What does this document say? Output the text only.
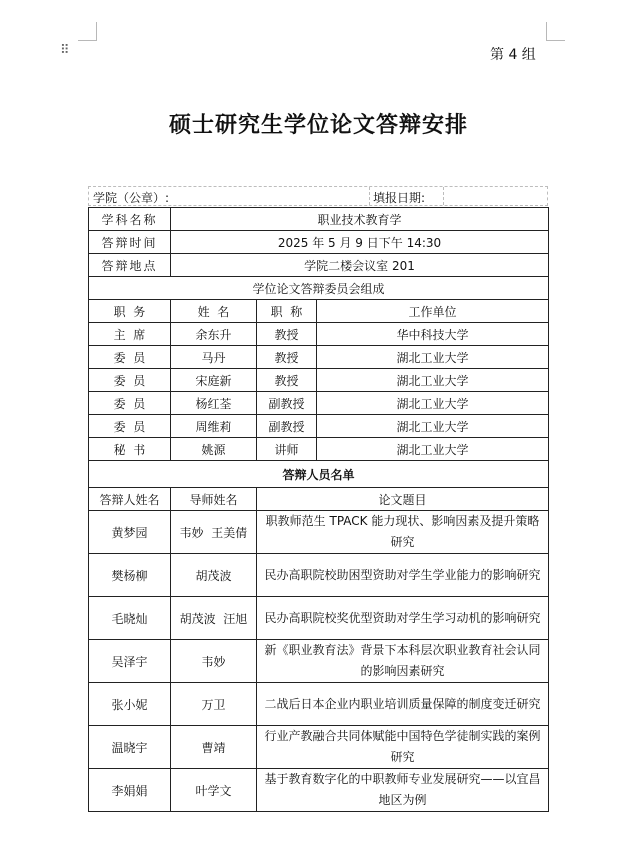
⠿	第 4 组
硕士研究生学位论文答辩安排
学院（公章）:	填报日期:
学科名称	职业技术教育学		
答辩时间	2025 年 5 月 9 日下午 14:30		
答辩地点	学院二楼会议室 201		
学位论文答辩委员会组成			
职  务	姓  名	职  称	工作单位
主  席	余东升	教授	华中科技大学
委  员	马丹	教授	湖北工业大学
委  员	宋庭新	教授	湖北工业大学
委  员	杨红荃	副教授	湖北工业大学
委  员	周维莉	副教授	湖北工业大学
秘  书	姚源	讲师	湖北工业大学
答辩人员名单			
答辩人姓名	导师姓名	论文题目	
黄梦园	韦妙  王美倩	职教师范生 TPACK 能力现状、影响因素及提升策略研究	
樊杨柳	胡茂波	民办高职院校助困型资助对学生学业能力的影响研究	
毛晓灿	胡茂波  汪旭	民办高职院校奖优型资助对学生学习动机的影响研究	
吴泽宇	韦妙	新《职业教育法》背景下本科层次职业教育社会认同的影响因素研究	
张小妮	万卫	二战后日本企业内职业培训质量保障的制度变迁研究	
温晓宇	曹靖	行业产教融合共同体赋能中国特色学徒制实践的案例研究	
李娟娟	叶学文	基于教育数字化的中职教师专业发展研究——以宜昌地区为例	
